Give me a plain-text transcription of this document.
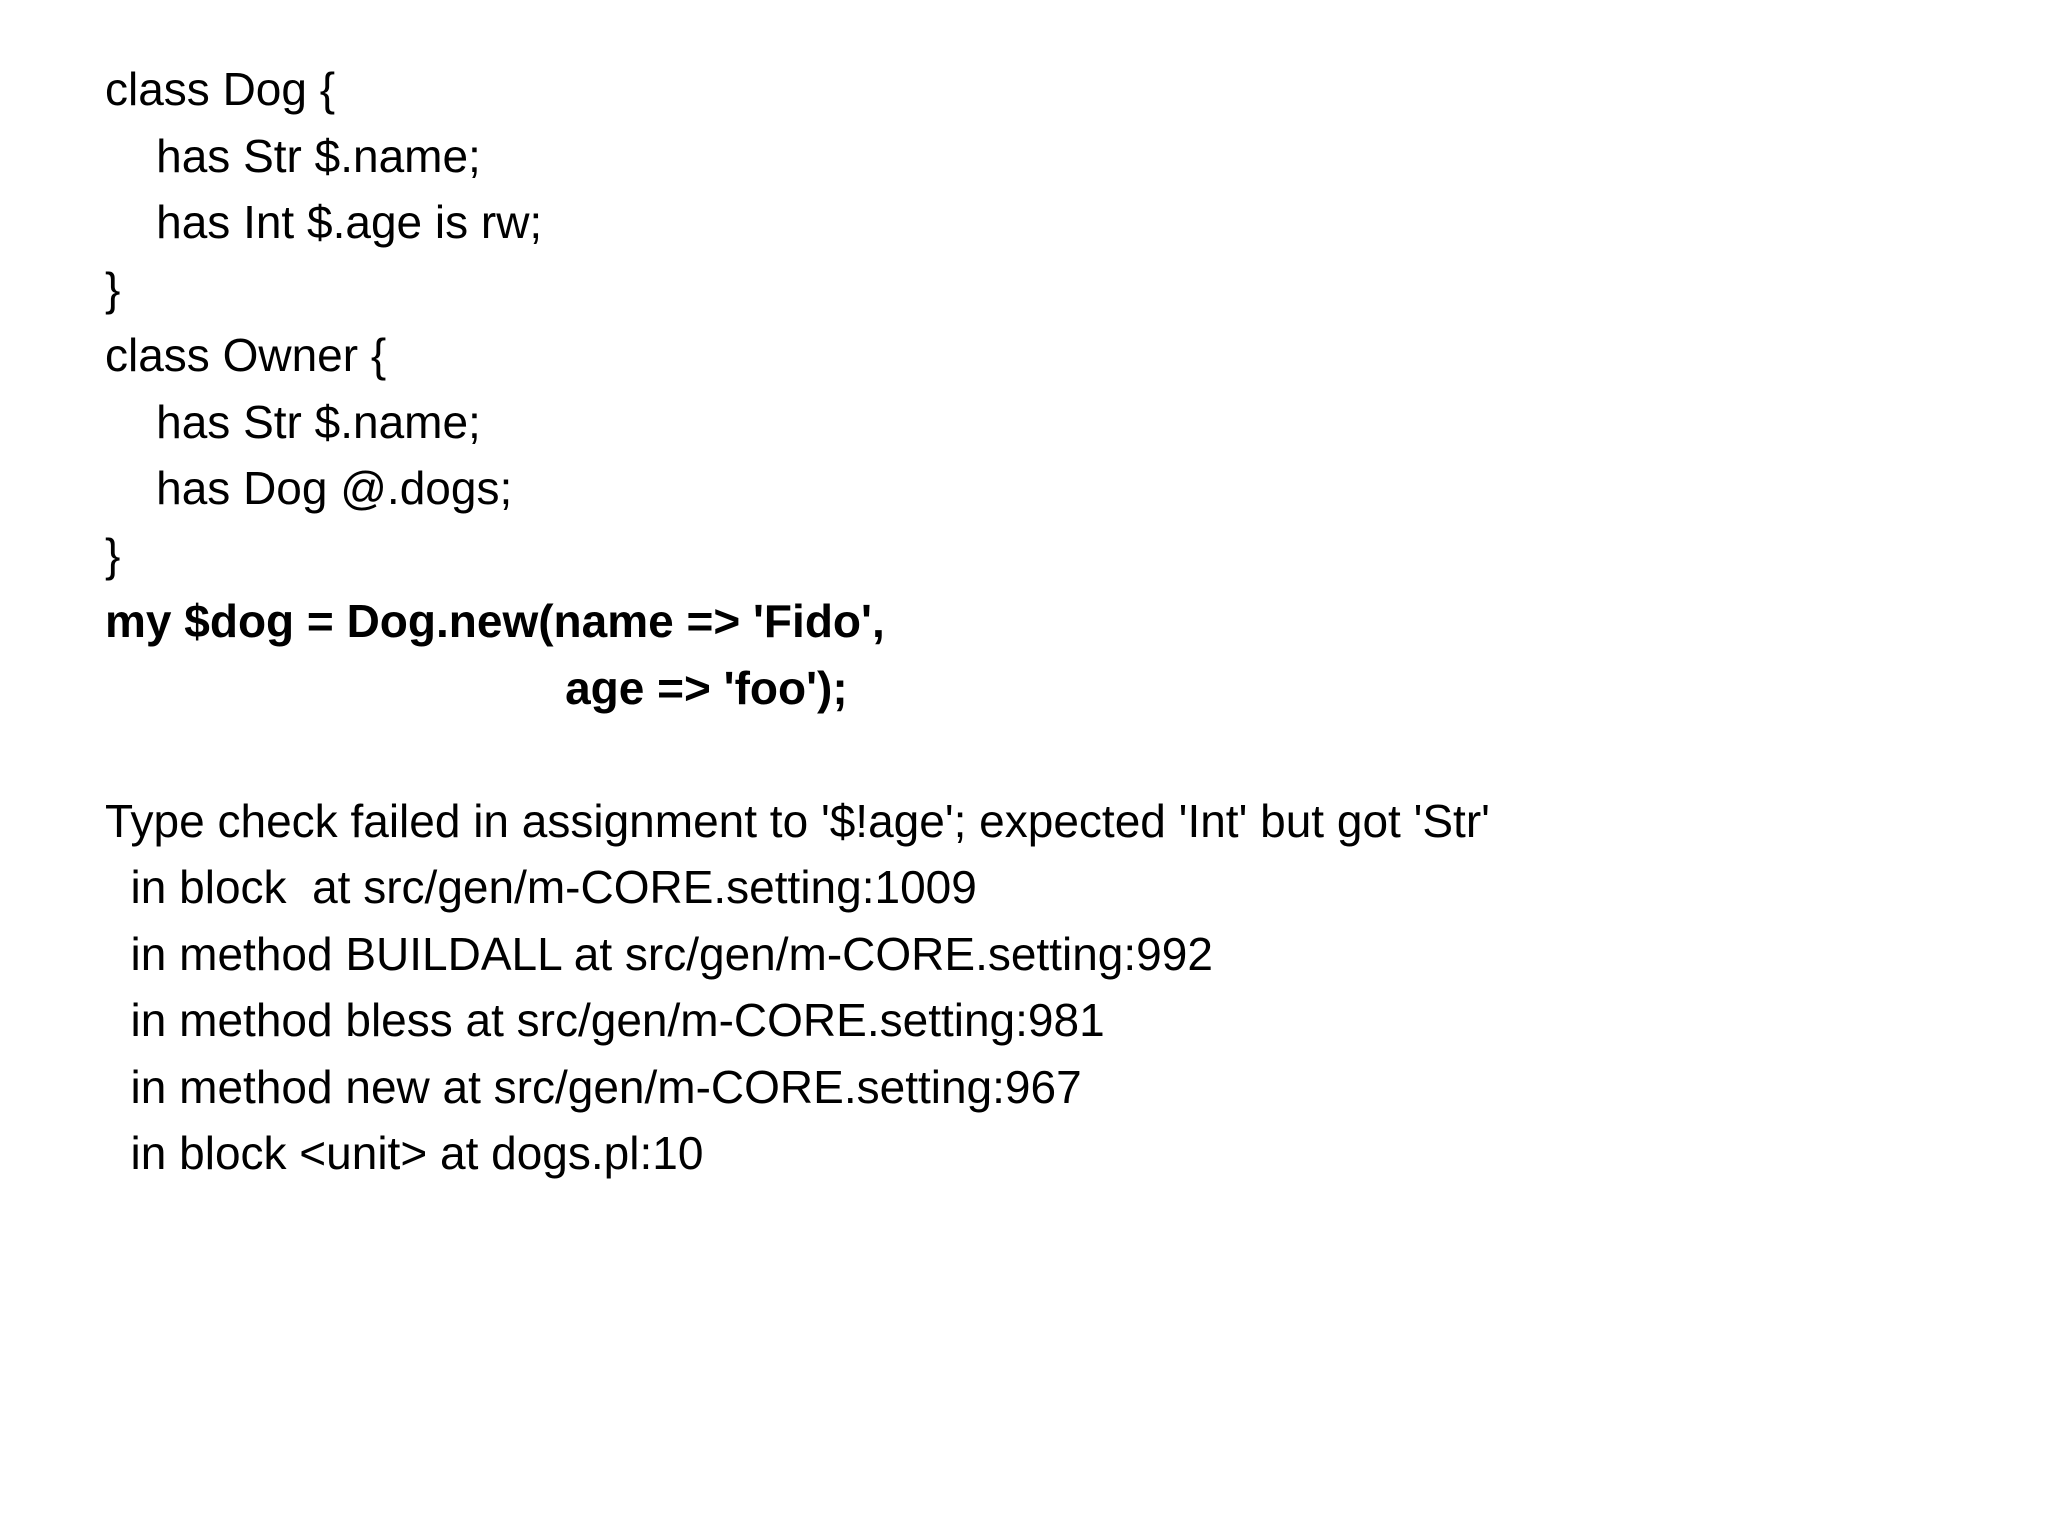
class Dog {
has Str $.name;
has Int $.age is rw;
}
class Owner {
has Str $.name;
has Dog @.dogs;
}
my $dog = Dog.new(name => 'Fido',
age => 'foo');
Type check failed in assignment to '$!age'; expected 'Int' but got 'Str'
in block  at src/gen/m-CORE.setting:1009
in method BUILDALL at src/gen/m-CORE.setting:992
in method bless at src/gen/m-CORE.setting:981
in method new at src/gen/m-CORE.setting:967
in block <unit> at dogs.pl:10
